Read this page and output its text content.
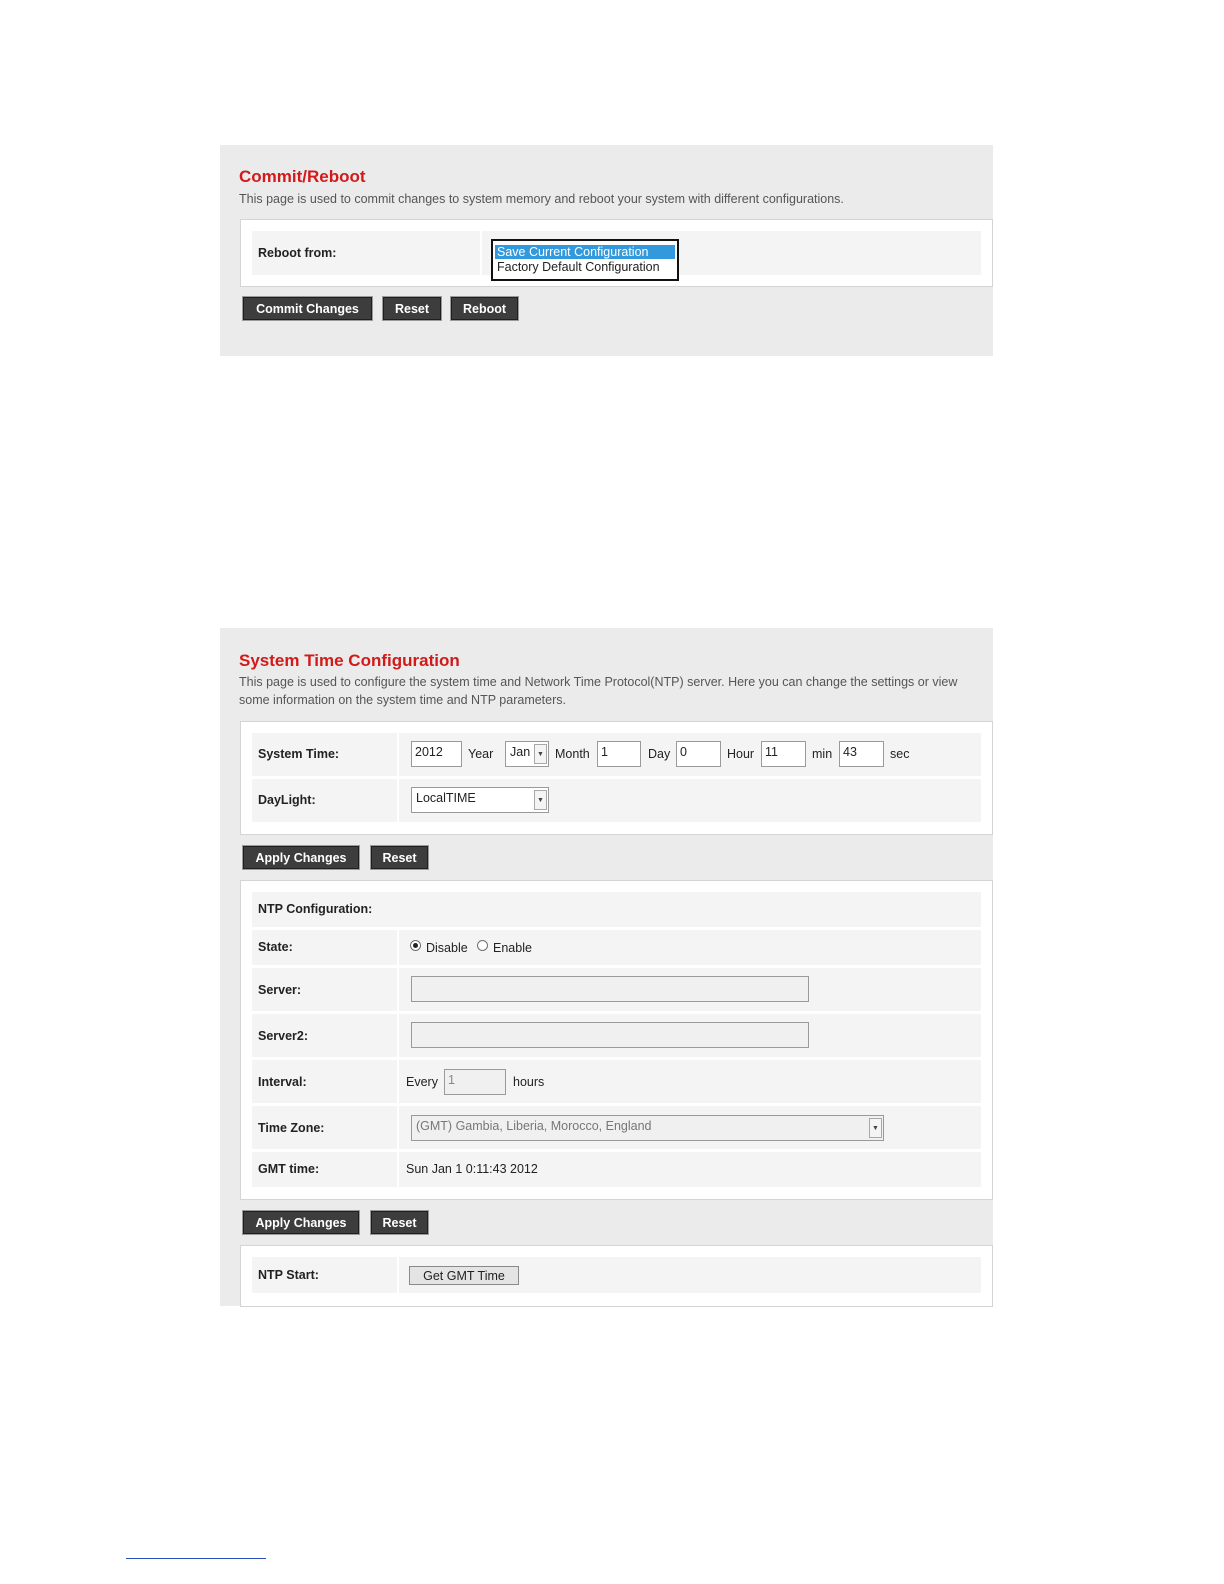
Commit/Reboot
This page is used to commit changes to system memory and reboot your system with different configurations.
Reboot from:	Save Current Configuration
Factory Default Configuration
Commit Changes	Reset	Reboot
System Time Configuration
This page is used to configure the system time and Network Time Protocol(NTP) server. Here you can change the settings or view
some information on the system time and NTP parameters.
System Time:	2012	Year	Jan ▼ Month 1	Day 0	Hour 11	min 43	sec
DayLight:	LocalTIME	▼
Apply Changes	Reset
NTP Configuration:
State:	Disable Enable
Server:
Server2:
Interval:	Every 1	hours
Time Zone:	(GMT) Gambia, Liberia, Morocco, England	▼
GMT time:	Sun Jan 1 0:11:43 2012
Apply Changes	Reset
NTP Start:	Get GMT Time
